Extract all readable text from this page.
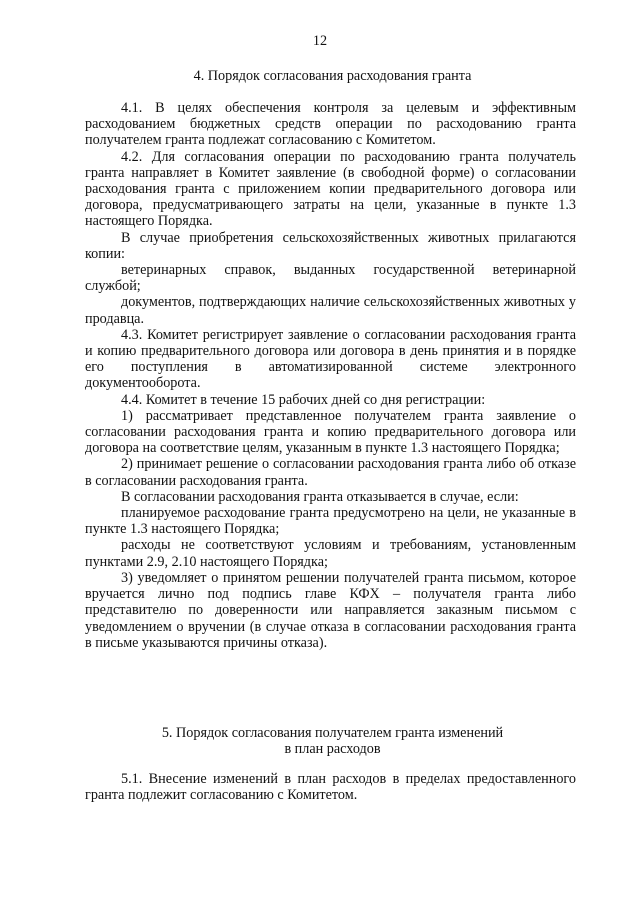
12
4. Порядок согласования расходования гранта

4.1. В целях обеспечения контроля за целевым и эффективным расходованием бюджетных средств операции по расходованию гранта получателем гранта подлежат согласованию с Комитетом.

4.2. Для согласования операции по расходованию гранта получатель гранта направляет в Комитет заявление (в свободной форме) о согласовании расходования гранта с приложением копии предварительного договора или договора, предусматривающего затраты на цели, указанные в пункте 1.3 настоящего Порядка.

В случае приобретения сельскохозяйственных животных прилагаются копии:

ветеринарных справок, выданных государственной ветеринарной службой;

документов, подтверждающих наличие сельскохозяйственных животных у продавца.

4.3. Комитет регистрирует заявление о согласовании расходования гранта и копию предварительного договора или договора в день принятия и в порядке его поступления в автоматизированной системе электронного документооборота.

4.4. Комитет в течение 15 рабочих дней со дня регистрации:

1) рассматривает представленное получателем гранта заявление о согласовании расходования гранта и копию предварительного договора или договора на соответствие целям, указанным в пункте 1.3 настоящего Порядка;

2) принимает решение о согласовании расходования гранта либо об отказе в согласовании расходования гранта.

В согласовании расходования гранта отказывается в случае, если:

планируемое расходование гранта предусмотрено на цели, не указанные в пункте 1.3 настоящего Порядка;

расходы не соответствуют условиям и требованиям, установленным пунктами 2.9, 2.10 настоящего Порядка;

3) уведомляет о принятом решении получателей гранта письмом, которое вручается лично под подпись главе КФХ – получателя гранта либо представителю по доверенности или направляется заказным письмом с уведомлением о вручении (в случае отказа в согласовании расходования гранта в письме указываются причины отказа).

5. Порядок согласования получателем гранта изменений
в план расходов

5.1. Внесение изменений в план расходов в пределах предоставленного гранта подлежит согласованию с Комитетом.
